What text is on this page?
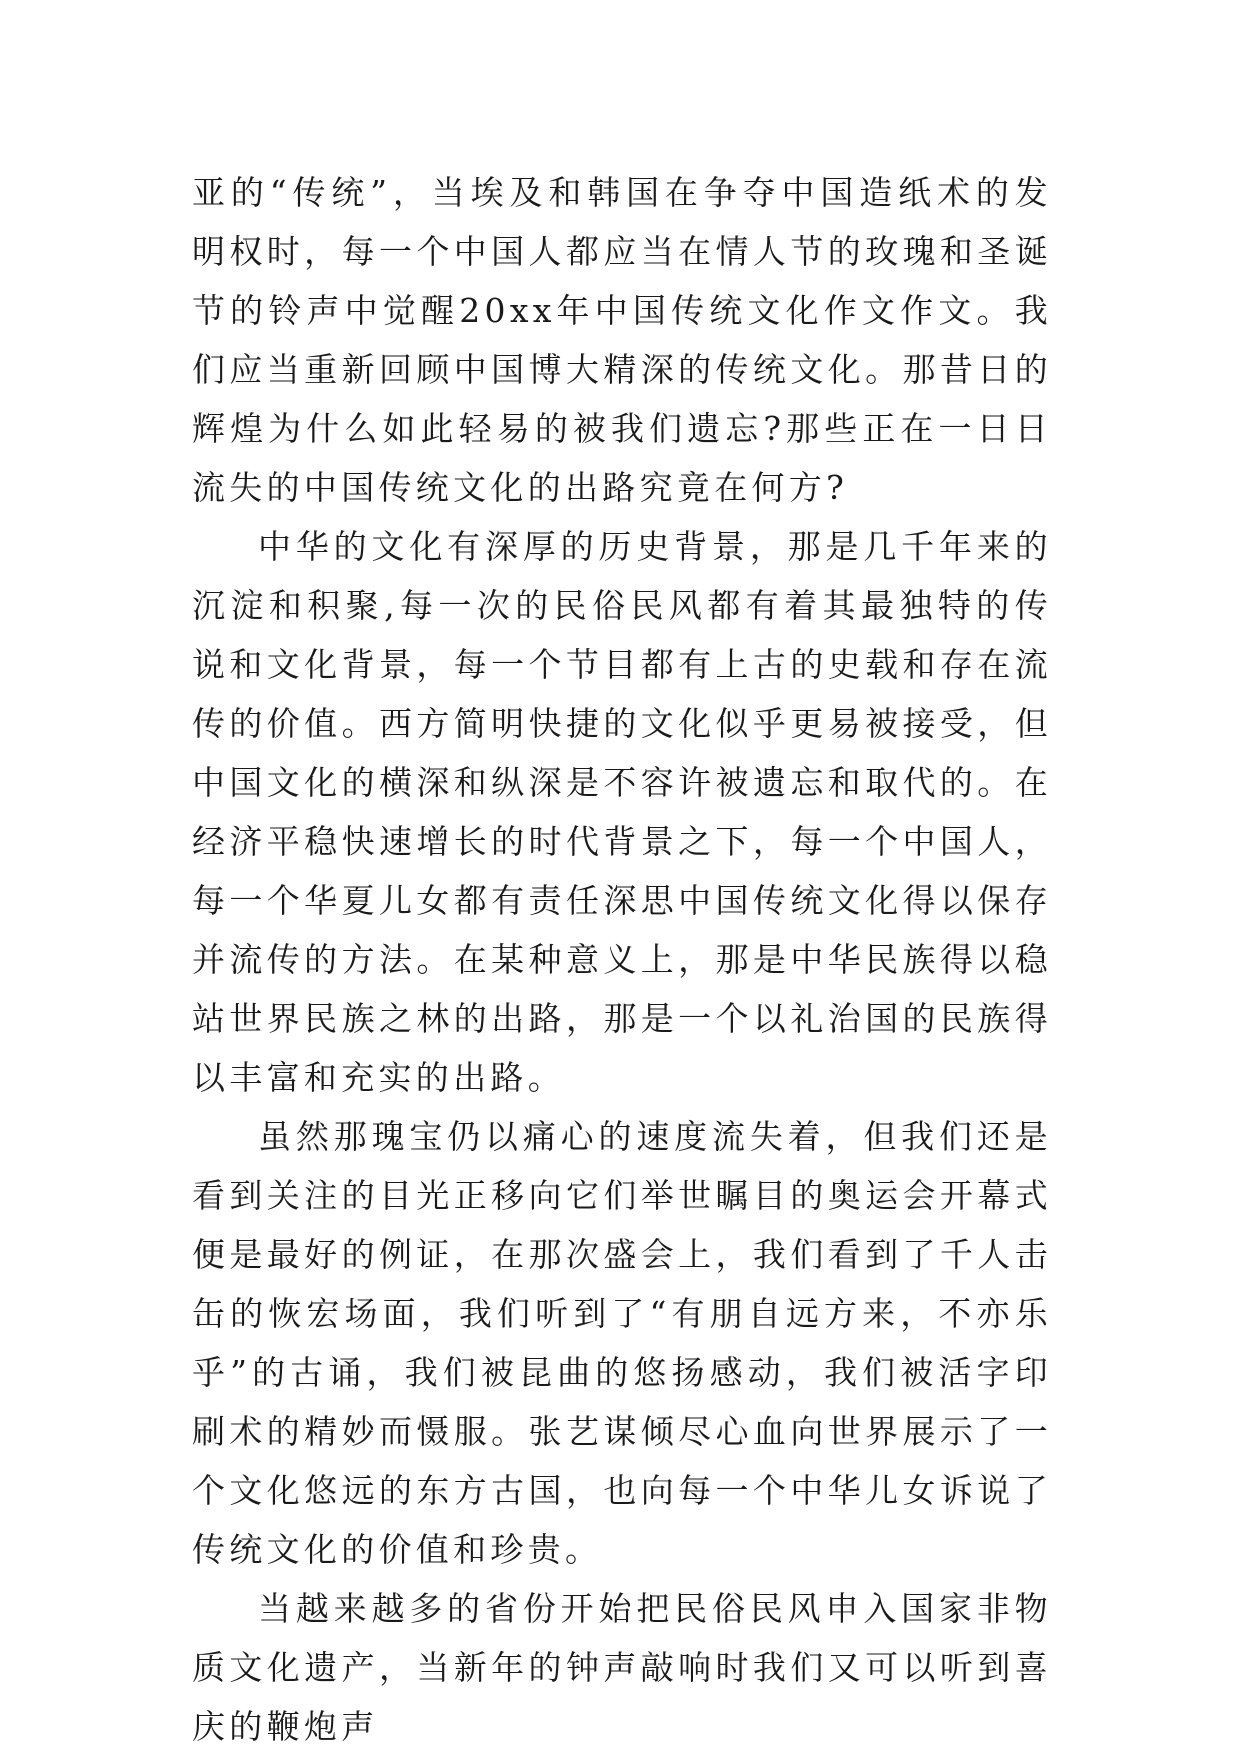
亚的“传统”，当埃及和韩国在争夺中国造纸术的发明权时，每一个中国人都应当在情人节的玫瑰和圣诞节的铃声中觉醒20xx年中国传统文化作文作文。我们应当重新回顾中国博大精深的传统文化。那昔日的辉煌为什么如此轻易的被我们遗忘?那些正在一日日流失的中国传统文化的出路究竟在何方?

中华的文化有深厚的历史背景，那是几千年来的沉淀和积聚,每一次的民俗民风都有着其最独特的传说和文化背景，每一个节目都有上古的史载和存在流传的价值。西方简明快捷的文化似乎更易被接受，但中国文化的横深和纵深是不容许被遗忘和取代的。在经济平稳快速增长的时代背景之下，每一个中国人，每一个华夏儿女都有责任深思中国传统文化得以保存并流传的方法。在某种意义上，那是中华民族得以稳站世界民族之林的出路，那是一个以礼治国的民族得以丰富和充实的出路。

虽然那瑰宝仍以痛心的速度流失着，但我们还是看到关注的目光正移向它们举世瞩目的奥运会开幕式便是最好的例证，在那次盛会上，我们看到了千人击缶的恢宏场面，我们听到了“有朋自远方来，不亦乐乎”的古诵，我们被昆曲的悠扬感动，我们被活字印刷术的精妙而慑服。张艺谋倾尽心血向世界展示了一个文化悠远的东方古国，也向每一个中华儿女诉说了传统文化的价值和珍贵。

当越来越多的省份开始把民俗民风申入国家非物质文化遗产，当新年的钟声敲响时我们又可以听到喜庆的鞭炮声
